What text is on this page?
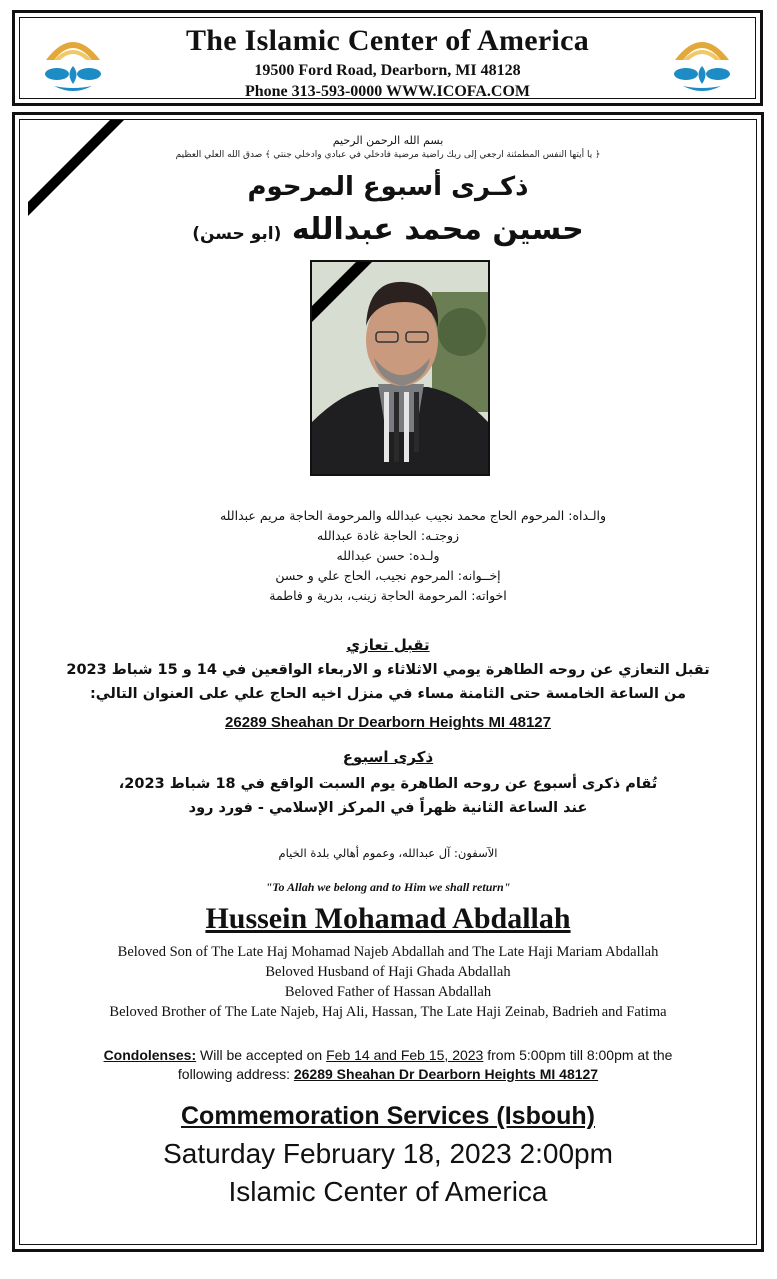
The Islamic Center of America
19500 Ford Road, Dearborn, MI 48128
Phone 313-593-0000 WWW.ICOFA.COM
بسم الله الرحمن الرحيم
﴿ يا أيتها النفس المطمئنة ارجعي إلى ربك راضية مرضية فادخلي في عبادي وادخلي جنتي ﴾ صدق الله العلي العظيم
ذكـرى أسبوع المرحوم
حسين محمد عبدالله (ابو حسن)
والـداه: المرحوم الحاج محمد نجيب عبدالله والمرحومة الحاجة مريم عبدالله
زوجتـه: الحاجة غادة عبدالله
ولـده: حسن عبدالله
إخــوانه: المرحوم نجيب، الحاج علي و حسن
اخواته: المرحومة الحاجة زينب، بدرية و فاطمة
تقبل تعازي
تقبل التعازي عن روحه الطاهرة يومي الاثلاثاء و الاربعاء الواقعين في 14 و 15 شباط 2023
من الساعة الخامسة حتى الثامنة مساء في منزل اخيه الحاج علي على العنوان التالي:
26289 Sheahan Dr Dearborn Heights MI 48127
ذكرى اسبوع
تُقام ذكرى أسبوع عن روحه الطاهرة يوم السبت الواقع في 18 شباط 2023،
عند الساعة الثانية ظهراً في المركز الإسلامي - فورد رود
الآسفون: آل عبدالله، وعموم أهالي بلدة الخيام
"To Allah we belong and to Him we shall return"
Hussein Mohamad Abdallah
Beloved Son of The Late Haj Mohamad Najeb Abdallah and The Late Haji Mariam Abdallah
Beloved Husband of Haji Ghada Abdallah
Beloved Father of Hassan Abdallah
Beloved Brother of The Late Najeb, Haj Ali, Hassan, The Late Haji Zeinab, Badrieh and Fatima
Condolenses: Will be accepted on Feb 14 and Feb 15, 2023 from 5:00pm till 8:00pm at the
following address: 26289 Sheahan Dr Dearborn Heights MI 48127
Commemoration Services (Isbouh)
Saturday February 18, 2023 2:00pm
Islamic Center of America
